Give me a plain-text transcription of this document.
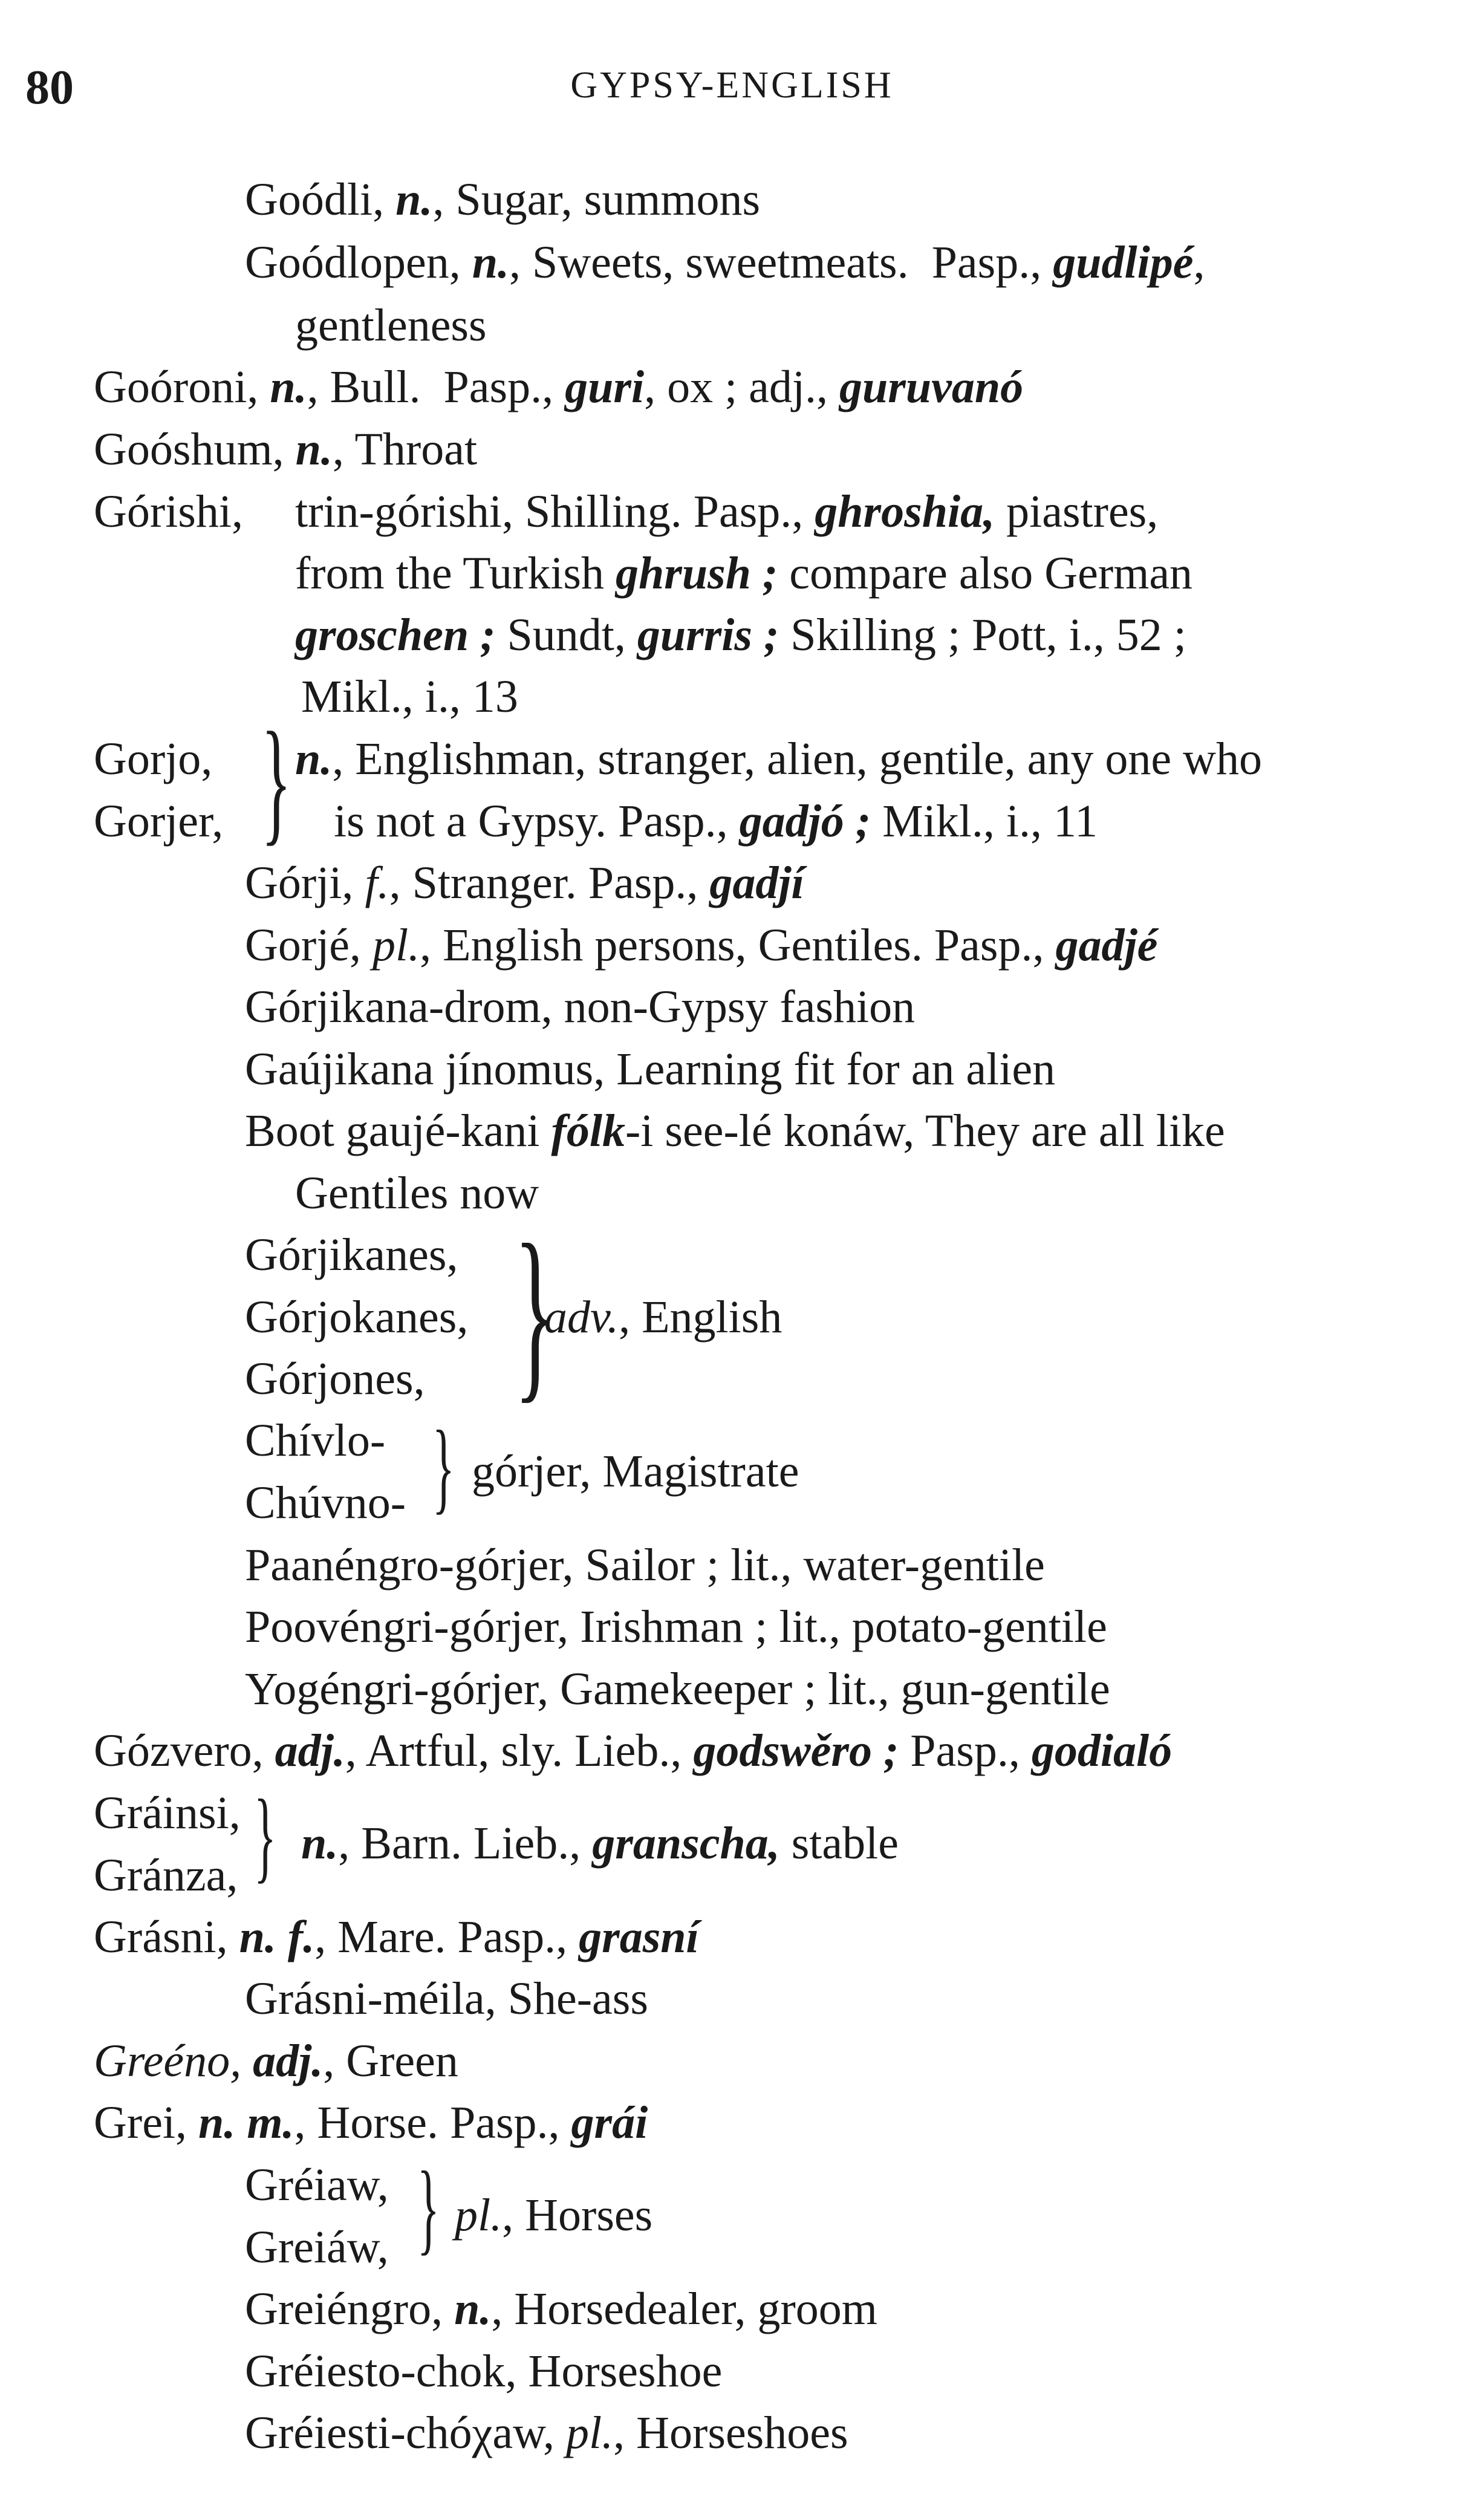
80	GYPSY-ENGLISH
Goódli, n., Sugar, summons
Goódlopen, n., Sweets, sweetmeats. Pasp., gudlipé,
gentleness
Goóroni, n., Bull. Pasp., guri, ox ; adj., guruvanó
Goóshum, n., Throat
Górishi, trin-górishi, Shilling. Pasp., ghroshia, piastres,
from the Turkish ghrush ; compare also German
groschen ; Sundt, gurris ; Skilling ; Pott, i., 52 ;
Mikl., i., 13
Gorjo,
Gorjer, } n., Englishman, stranger, alien, gentile, any one who
is not a Gypsy. Pasp., gadjó ; Mikl., i., 11
Górji, f., Stranger. Pasp., gadjí
Gorjé, pl., English persons, Gentiles. Pasp., gadjé
Górjikana-drom, non-Gypsy fashion
Gaújikana jínomus, Learning fit for an alien
Boot gaujé-kani fólk-i see-lé konáw, They are all like
Gentiles now
Górjikanes,
Górjokanes,
Górjones, }
adv., English
Chívlo-
Chúvno- } górjer, Magistrate
Paanéngro-górjer, Sailor ; lit., water-gentile
Poovéngri-górjer, Irishman ; lit., potato-gentile
Yogéngri-górjer, Gamekeeper ; lit., gun-gentile
Gózvero, adj., Artful, sly. Lieb., godswěro ; Pasp., godialó
Gráinsi,
Gránza, } n., Barn. Lieb., granscha, stable
Grásni, n. f., Mare. Pasp., grasní
Grásni-méila, She-ass
Greéno, adj., Green
Grei, n. m., Horse. Pasp., grái
Gréiaw,
Greiáw, } pl., Horses
Greiéngro, n., Horsedealer, groom
Gréiesto-chok, Horseshoe
Gréiesti-chóχaw, pl., Horseshoes
